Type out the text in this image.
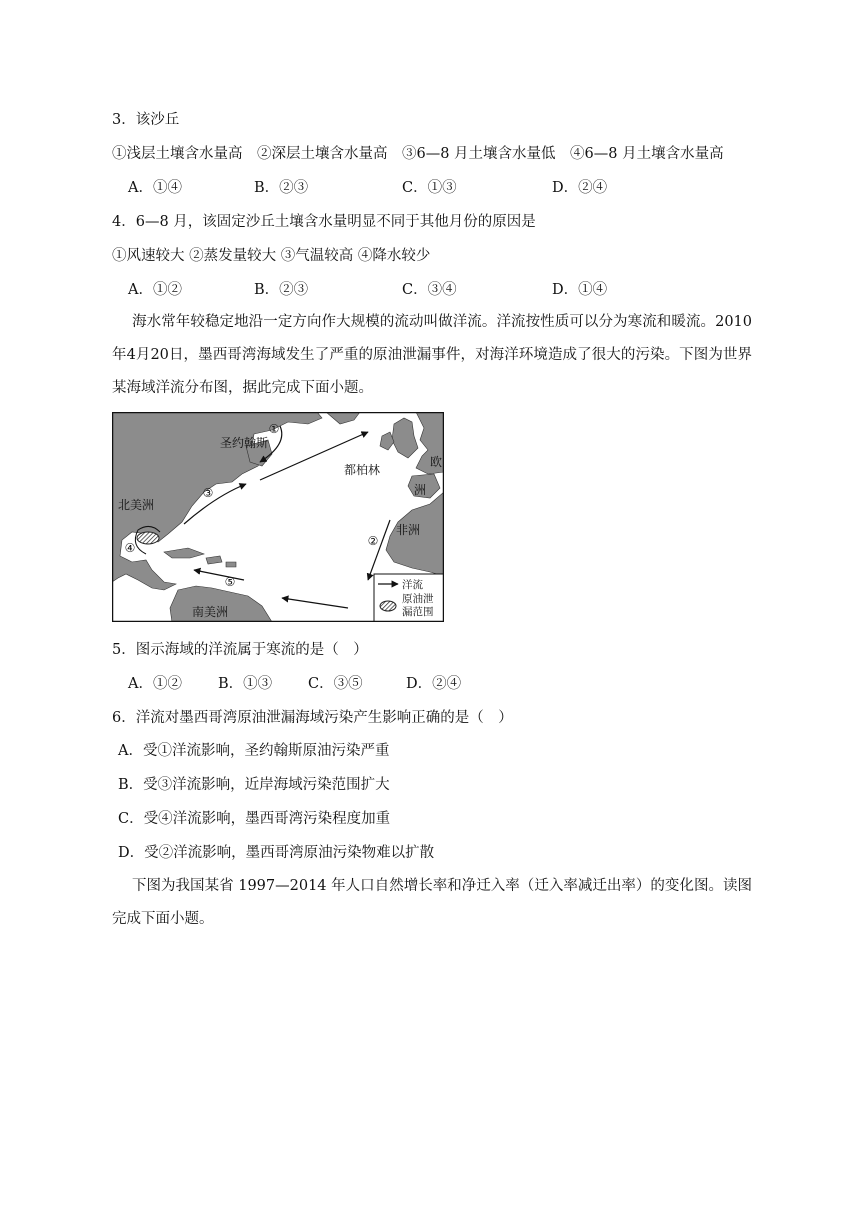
3．该沙丘
①浅层土壤含水量高　②深层土壤含水量高　③6—8 月土壤含水量低　④6—8 月土壤含水量高
A．①④	B．②③	C．①③	D．②④
4．6—8 月，该固定沙丘土壤含水量明显不同于其他月份的原因是
①风速较大 ②蒸发量较大 ③气温较高 ④降水较少
A．①②	B．②③	C．③④	D．①④
海水常年较稳定地沿一定方向作大规模的流动叫做洋流。洋流按性质可以分为寒流和暖流。2010年4月20日，墨西哥湾海域发生了严重的原油泄漏事件，对海洋环境造成了很大的污染。下图为世界某海域洋流分布图，据此完成下面小题。
①
②
③
④
⑤
圣约翰斯
都柏林
欧
洲
北美洲
非洲
南美洲
洋流
原油泄
漏范围
5．图示海域的洋流属于寒流的是（　）
A．①② B．①③ C．③⑤	D．②④
6．洋流对墨西哥湾原油泄漏海域污染产生影响正确的是（　）
A．受①洋流影响，圣约翰斯原油污染严重
B．受③洋流影响，近岸海域污染范围扩大
C．受④洋流影响，墨西哥湾污染程度加重
D．受②洋流影响，墨西哥湾原油污染物难以扩散
下图为我国某省 1997—2014 年人口自然增长率和净迁入率（迁入率减迁出率）的变化图。读图完成下面小题。
